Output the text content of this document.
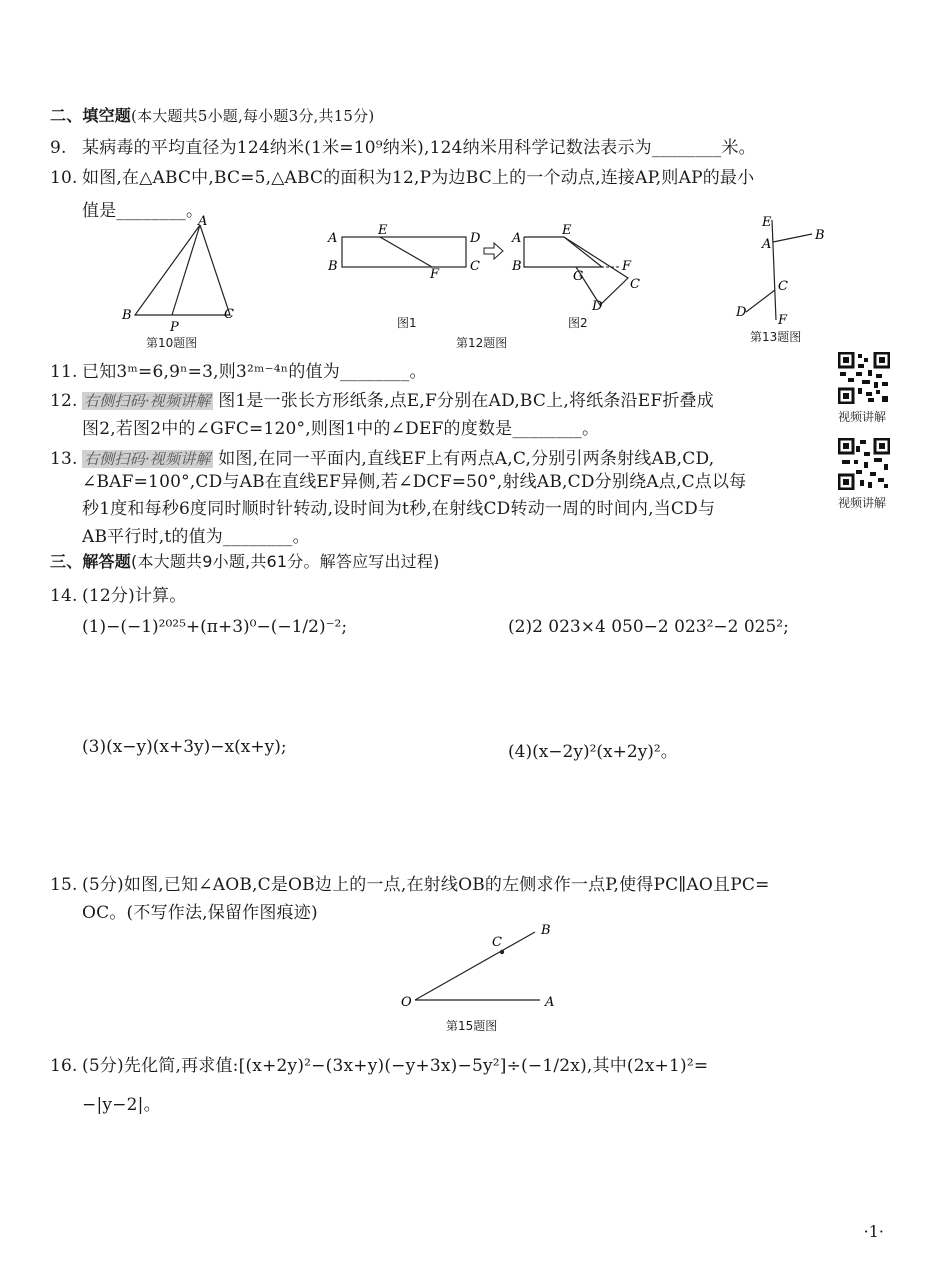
二、填空题(本大题共5小题,每小题3分,共15分)
9. 某病毒的平均直径为124纳米(1米=10⁹纳米),124纳米用科学记数法表示为________米。
10. 如图,在△ABC中,BC=5,△ABC的面积为12,P为边BC上的一个动点,连接AP,则AP的最小
值是________。
A
B	C
P
第10题图
A
B
E
F
D
C
A
B
E
G
F
C
D
图1	图2
第12题图
E
A
B
C
D
F
第13题图
11. 已知3ᵐ=6,9ⁿ=3,则3²ᵐ⁻⁴ⁿ的值为________。
视频讲解
视频讲解
12. 右侧扫码·视频讲解 图1是一张长方形纸条,点E,F分别在AD,BC上,将纸条沿EF折叠成
图2,若图2中的∠GFC=120°,则图1中的∠DEF的度数是________。
13. 右侧扫码·视频讲解 如图,在同一平面内,直线EF上有两点A,C,分别引两条射线AB,CD,
∠BAF=100°,CD与AB在直线EF异侧,若∠DCF=50°,射线AB,CD分别绕A点,C点以每
秒1度和每秒6度同时顺时针转动,设时间为t秒,在射线CD转动一周的时间内,当CD与
AB平行时,t的值为________。
三、解答题(本大题共9小题,共61分。解答应写出过程)
14. (12分)计算。
(1)−(−1)²⁰²⁵+(π+3)⁰−(−1/2)⁻²;	(2)2 023×4 050−2 023²−2 025²;
(3)(x−y)(x+3y)−x(x+y);	(4)(x−2y)²(x+2y)²。
15. (5分)如图,已知∠AOB,C是OB边上的一点,在射线OB的左侧求作一点P,使得PC∥AO且PC=
OC。(不写作法,保留作图痕迹)
O	A
B
C
第15题图
16. (5分)先化简,再求值:[(x+2y)²−(3x+y)(−y+3x)−5y²]÷(−1/2x),其中(2x+1)²=
−|y−2|。
·1·
